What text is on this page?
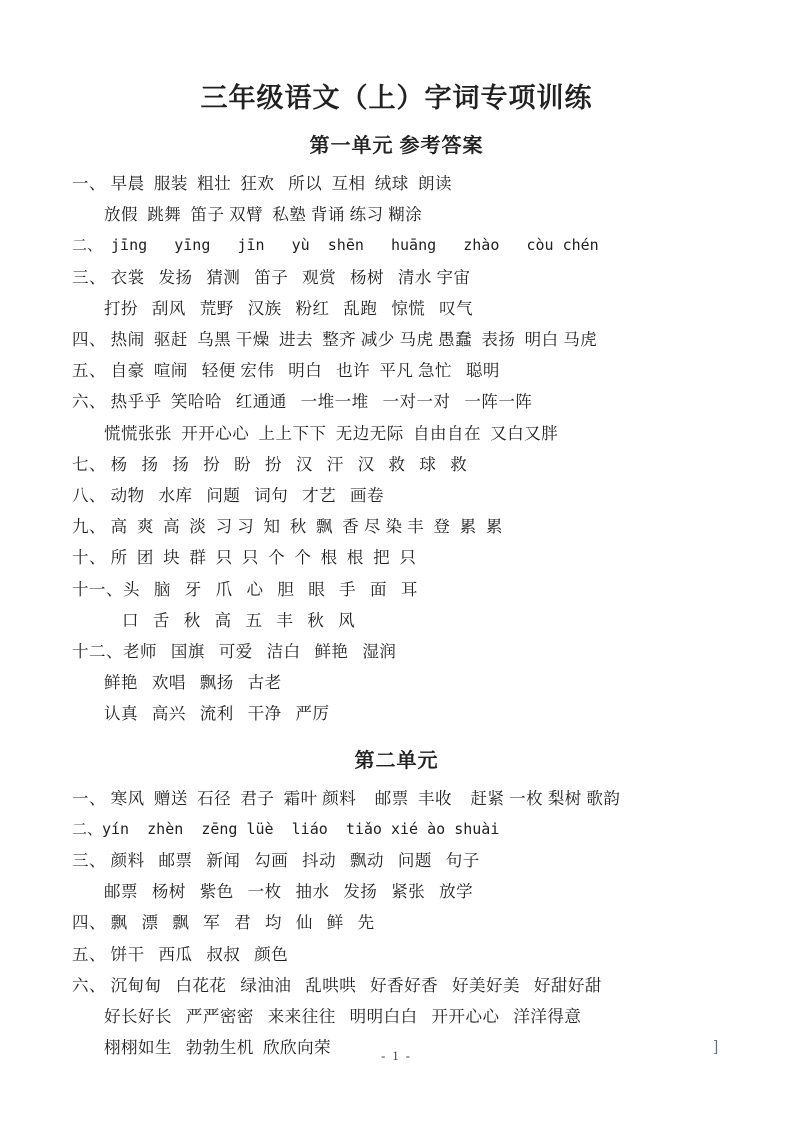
三年级语文（上）字词专项训练
第一单元 参考答案
一、 早晨  服装  粗壮  狂欢   所以  互相  绒球  朗读
放假  跳舞  笛子 双臂  私塾 背诵 练习 糊涂
二、 jīng   yīng   jīn   yù  shēn   huāng   zhào   còu chén
三、 衣裳   发扬   猜测   笛子   观赏   杨树   清水 宇宙
打扮   刮风   荒野   汉族   粉红   乱跑   惊慌   叹气
四、 热闹  驱赶  乌黑 干燥  进去  整齐 减少 马虎 愚蠢  表扬  明白 马虎
五、 自豪  喧闹   轻便 宏伟   明白   也许  平凡 急忙   聪明
六、 热乎乎  笑哈哈   红通通   一堆一堆   一对一对   一阵一阵
慌慌张张  开开心心  上上下下  无边无际  自由自在  又白又胖
七、 杨   扬   扬   扮   盼   扮   汉   汗   汉   救   球   救
八、 动物   水库   问题   词句   才艺   画卷
九、 高  爽  高  淡  习 习  知  秋  飘  香 尽 染 丰  登  累  累
十、 所  团  块  群  只  只  个  个  根  根  把  只
十一、头   脑   牙   爪   心   胆   眼   手   面   耳
口   舌   秋   高   五   丰   秋   风
十二、老师   国旗   可爱   洁白   鲜艳   湿润
鲜艳   欢唱   飘扬   古老
认真   高兴   流利   干净   严厉
第二单元
一、 寒风  赠送  石径  君子  霜叶 颜料    邮票  丰收    赶紧 一枚 梨树 歌韵
二、yín  zhèn  zēng lüè  liáo  tiǎo xié ào shuài
三、 颜料   邮票   新闻   勾画   抖动   飘动   问题   句子
邮票   杨树   紫色   一枚   抽水   发扬   紧张   放学
四、 飘   漂   飘   军   君   均   仙   鲜   先
五、 饼干   西瓜   叔叔   颜色
六、 沉甸甸   白花花   绿油油   乱哄哄   好香好香   好美好美   好甜好甜
好长好长   严严密密   来来往往   明明白白   开开心心   洋洋得意
栩栩如生   勃勃生机  欣欣向荣	- 1 -
]
